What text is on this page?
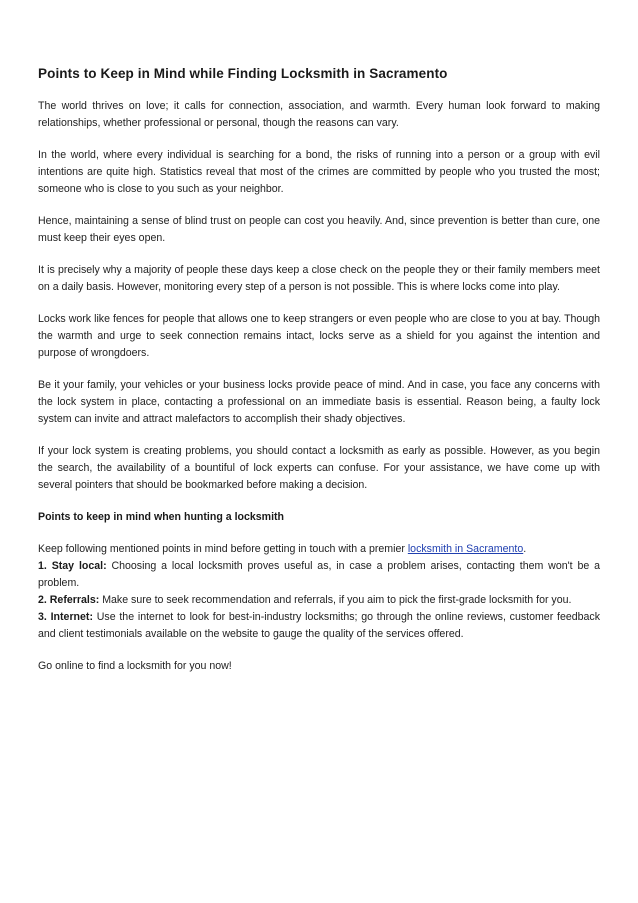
Points to Keep in Mind while Finding Locksmith in Sacramento

The world thrives on love; it calls for connection, association, and warmth. Every human look forward to making relationships, whether professional or personal, though the reasons can vary.

In the world, where every individual is searching for a bond, the risks of running into a person or a group with evil intentions are quite high. Statistics reveal that most of the crimes are committed by people who you trusted the most; someone who is close to you such as your neighbor.

Hence, maintaining a sense of blind trust on people can cost you heavily. And, since prevention is better than cure, one must keep their eyes open.

It is precisely why a majority of people these days keep a close check on the people they or their family members meet on a daily basis. However, monitoring every step of a person is not possible. This is where locks come into play.

Locks work like fences for people that allows one to keep strangers or even people who are close to you at bay. Though the warmth and urge to seek connection remains intact, locks serve as a shield for you against the intention and purpose of wrongdoers.

Be it your family, your vehicles or your business locks provide peace of mind. And in case, you face any concerns with the lock system in place, contacting a professional on an immediate basis is essential. Reason being, a faulty lock system can invite and attract malefactors to accomplish their shady objectives.

If your lock system is creating problems, you should contact a locksmith as early as possible. However, as you begin the search, the availability of a bountiful of lock experts can confuse. For your assistance, we have come up with several pointers that should be bookmarked before making a decision.

Points to keep in mind when hunting a locksmith

Keep following mentioned points in mind before getting in touch with a premier locksmith in Sacramento.
1. Stay local: Choosing a local locksmith proves useful as, in case a problem arises, contacting them won't be a problem.
2. Referrals: Make sure to seek recommendation and referrals, if you aim to pick the first-grade locksmith for you.
3. Internet: Use the internet to look for best-in-industry locksmiths; go through the online reviews, customer feedback and client testimonials available on the website to gauge the quality of the services offered.

Go online to find a locksmith for you now!
